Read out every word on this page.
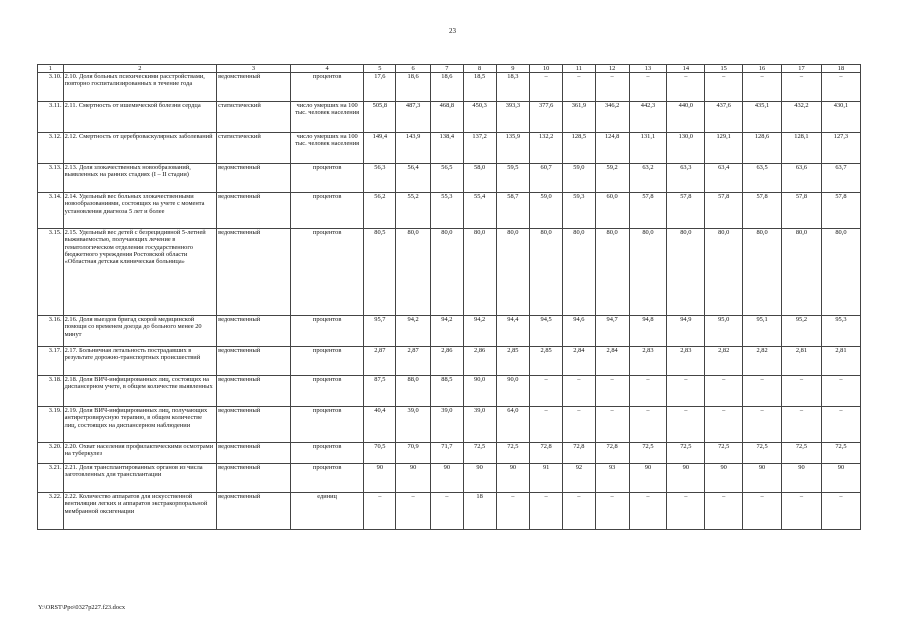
23
1	2	3	4	5	6	7	8	9	10	11	12	13	14	15	16	17	18
3.10.	2.10. Доля больных психическими расстройствами, повторно госпитализированных в течение года	ведомственный	процентов	17,6	18,6	18,6	18,5	18,3	–	–	–	–	–	–	–	–	–
3.11.	2.11. Смертность от ишемической болезни сердца	статистический	число умерших на 100 тыс. человек населения	505,8	487,3	468,8	450,3	393,3	377,6	361,9	346,2	442,3	440,0	437,6	435,1	432,2	430,1
3.12.	2.12. Смертность от цереброваскулярных заболеваний	статистический	число умерших на 100 тыс. человек населения	149,4	143,9	138,4	137,2	135,9	132,2	128,5	124,8	131,1	130,0	129,1	128,6	128,1	127,3
3.13.	2.13. Доля злокачественных новообразований, выявленных на ранних стадиях (I – II стадии)	ведомственный	процентов	56,3	56,4	56,5	58,0	59,5	60,7	59,0	59,2	63,2	63,3	63,4	63,5	63,6	63,7
3.14.	2.14. Удельный вес больных злокачественными новообразованиями, состоящих на учете с момента установления диагноза 5 лет и более	ведомственный	процентов	56,2	55,2	55,3	55,4	58,7	59,0	59,3	60,0	57,8	57,8	57,8	57,8	57,8	57,8
3.15.	2.15. Удельный вес детей с безрецидивной 5-летней выживаемостью, получающих лечение в гематологическом отделении государственного бюджетного учреждения Ростовской области «Областная детская клиническая больница»	ведомственный	процентов	80,5	80,0	80,0	80,0	80,0	80,0	80,0	80,0	80,0	80,0	80,0	80,0	80,0	80,0
3.16.	2.16. Доля выездов бригад скорой медицинской помощи со временем доезда до больного менее 20 минут	ведомственный	процентов	95,7	94,2	94,2	94,2	94,4	94,5	94,6	94,7	94,8	94,9	95,0	95,1	95,2	95,3
3.17.	2.17. Больничная летальность пострадавших в результате дорожно-транспортных происшествий	ведомственный	процентов	2,87	2,87	2,86	2,86	2,85	2,85	2,84	2,84	2,83	2,83	2,82	2,82	2,81	2,81
3.18.	2.18. Доля ВИЧ-инфицированных лиц, состоящих на диспансерном учете, в общем количестве выявленных	ведомственный	процентов	87,5	88,0	88,5	90,0	90,0	–	–	–	–	–	–	–	–	–
3.19.	2.19. Доля ВИЧ-инфицированных лиц, получающих антиретровирусную терапию, в общем количестве лиц, состоящих на диспансерном наблюдении	ведомственный	процентов	40,4	39,0	39,0	39,0	64,0	–	–	–	–	–	–	–	–	–
3.20.	2.20. Охват населения профилактическими осмотрами на туберкулез	ведомственный	процентов	70,5	70,9	71,7	72,5	72,5	72,8	72,8	72,8	72,5	72,5	72,5	72,5	72,5	72,5
3.21.	2.21. Доля трансплантированных органов из числа заготовленных для трансплантации	ведомственный	процентов	90	90	90	90	90	91	92	93	90	90	90	90	90	90
3.22.	2.22. Количество аппаратов для искусственной вентиляции легких и аппаратов экстракорпоральной мембранной оксигенации	ведомственный	единиц	–	–	–	18	–	–	–	–	–	–	–	–	–	–
Y:\ORST\Ppo\0327p227.f23.docx
